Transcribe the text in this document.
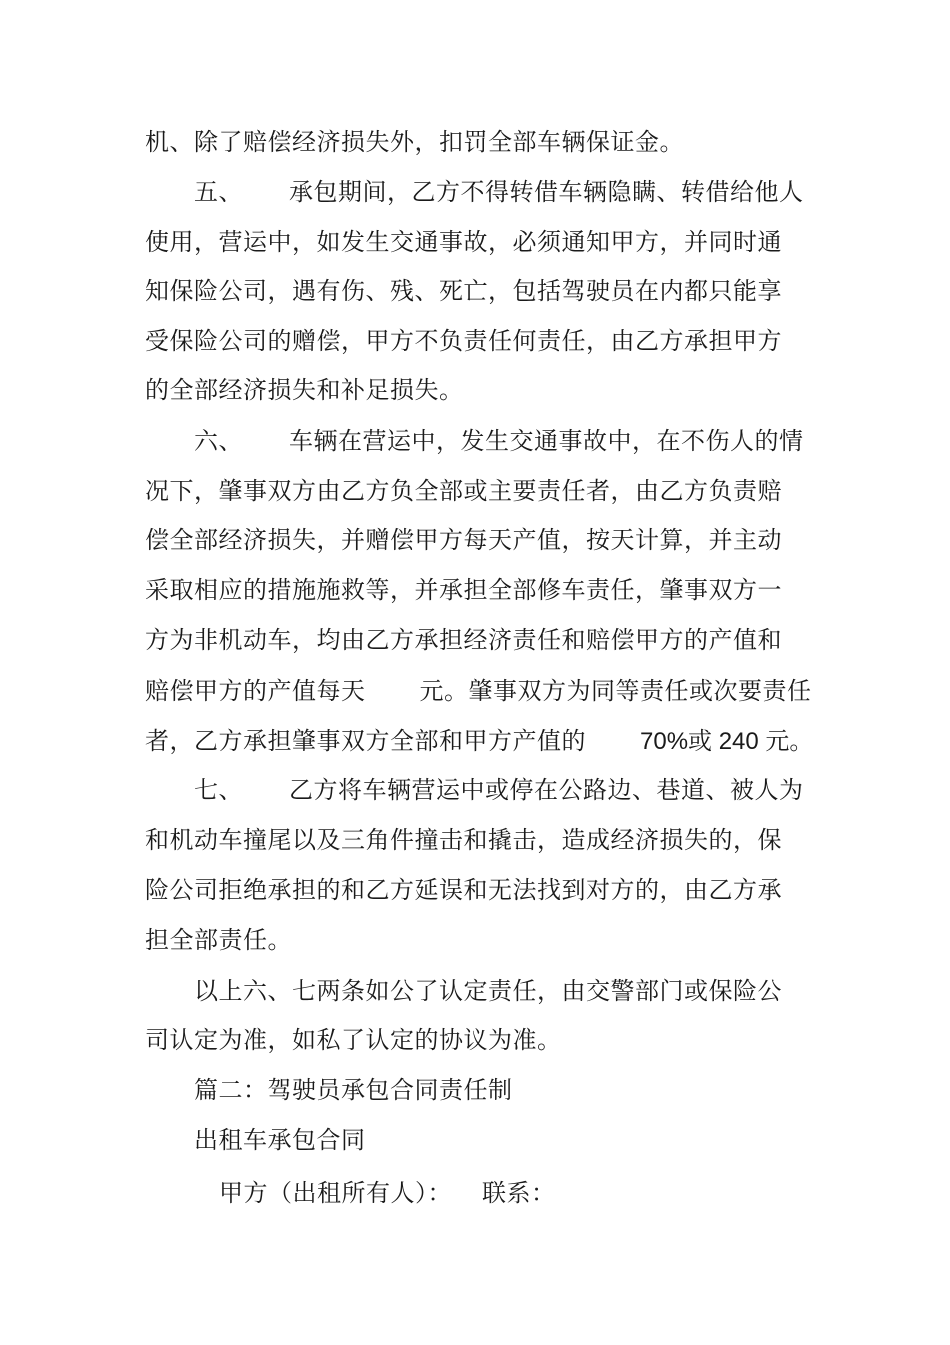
机、除了赔偿经济损失外，扣罚全部车辆保证金。
五、 承包期间，乙方不得转借车辆隐瞒、转借给他人
使用，营运中，如发生交通事故，必须通知甲方，并同时通
知保险公司，遇有伤、残、死亡，包括驾驶员在内都只能享
受保险公司的赠偿，甲方不负责任何责任，由乙方承担甲方
的全部经济损失和补足损失。
六、 车辆在营运中，发生交通事故中，在不伤人的情
况下，肇事双方由乙方负全部或主要责任者，由乙方负责赔
偿全部经济损失，并赠偿甲方每天产值，按天计算，并主动
采取相应的措施施救等，并承担全部修车责任，肇事双方一
方为非机动车，均由乙方承担经济责任和赔偿甲方的产值和
赔偿甲方的产值每天 元。肇事双方为同等责任或次要责任
者，乙方承担肇事双方全部和甲方产值的 70%或 240 元。
七、 乙方将车辆营运中或停在公路边、巷道、被人为
和机动车撞尾以及三角件撞击和撬击，造成经济损失的，保
险公司拒绝承担的和乙方延误和无法找到对方的，由乙方承
担全部责任。
以上六、七两条如公了认定责任，由交警部门或保险公
司认定为准，如私了认定的协议为准。
篇二：驾驶员承包合同责任制
出租车承包合同
甲方（出租所有人）： 联系：
